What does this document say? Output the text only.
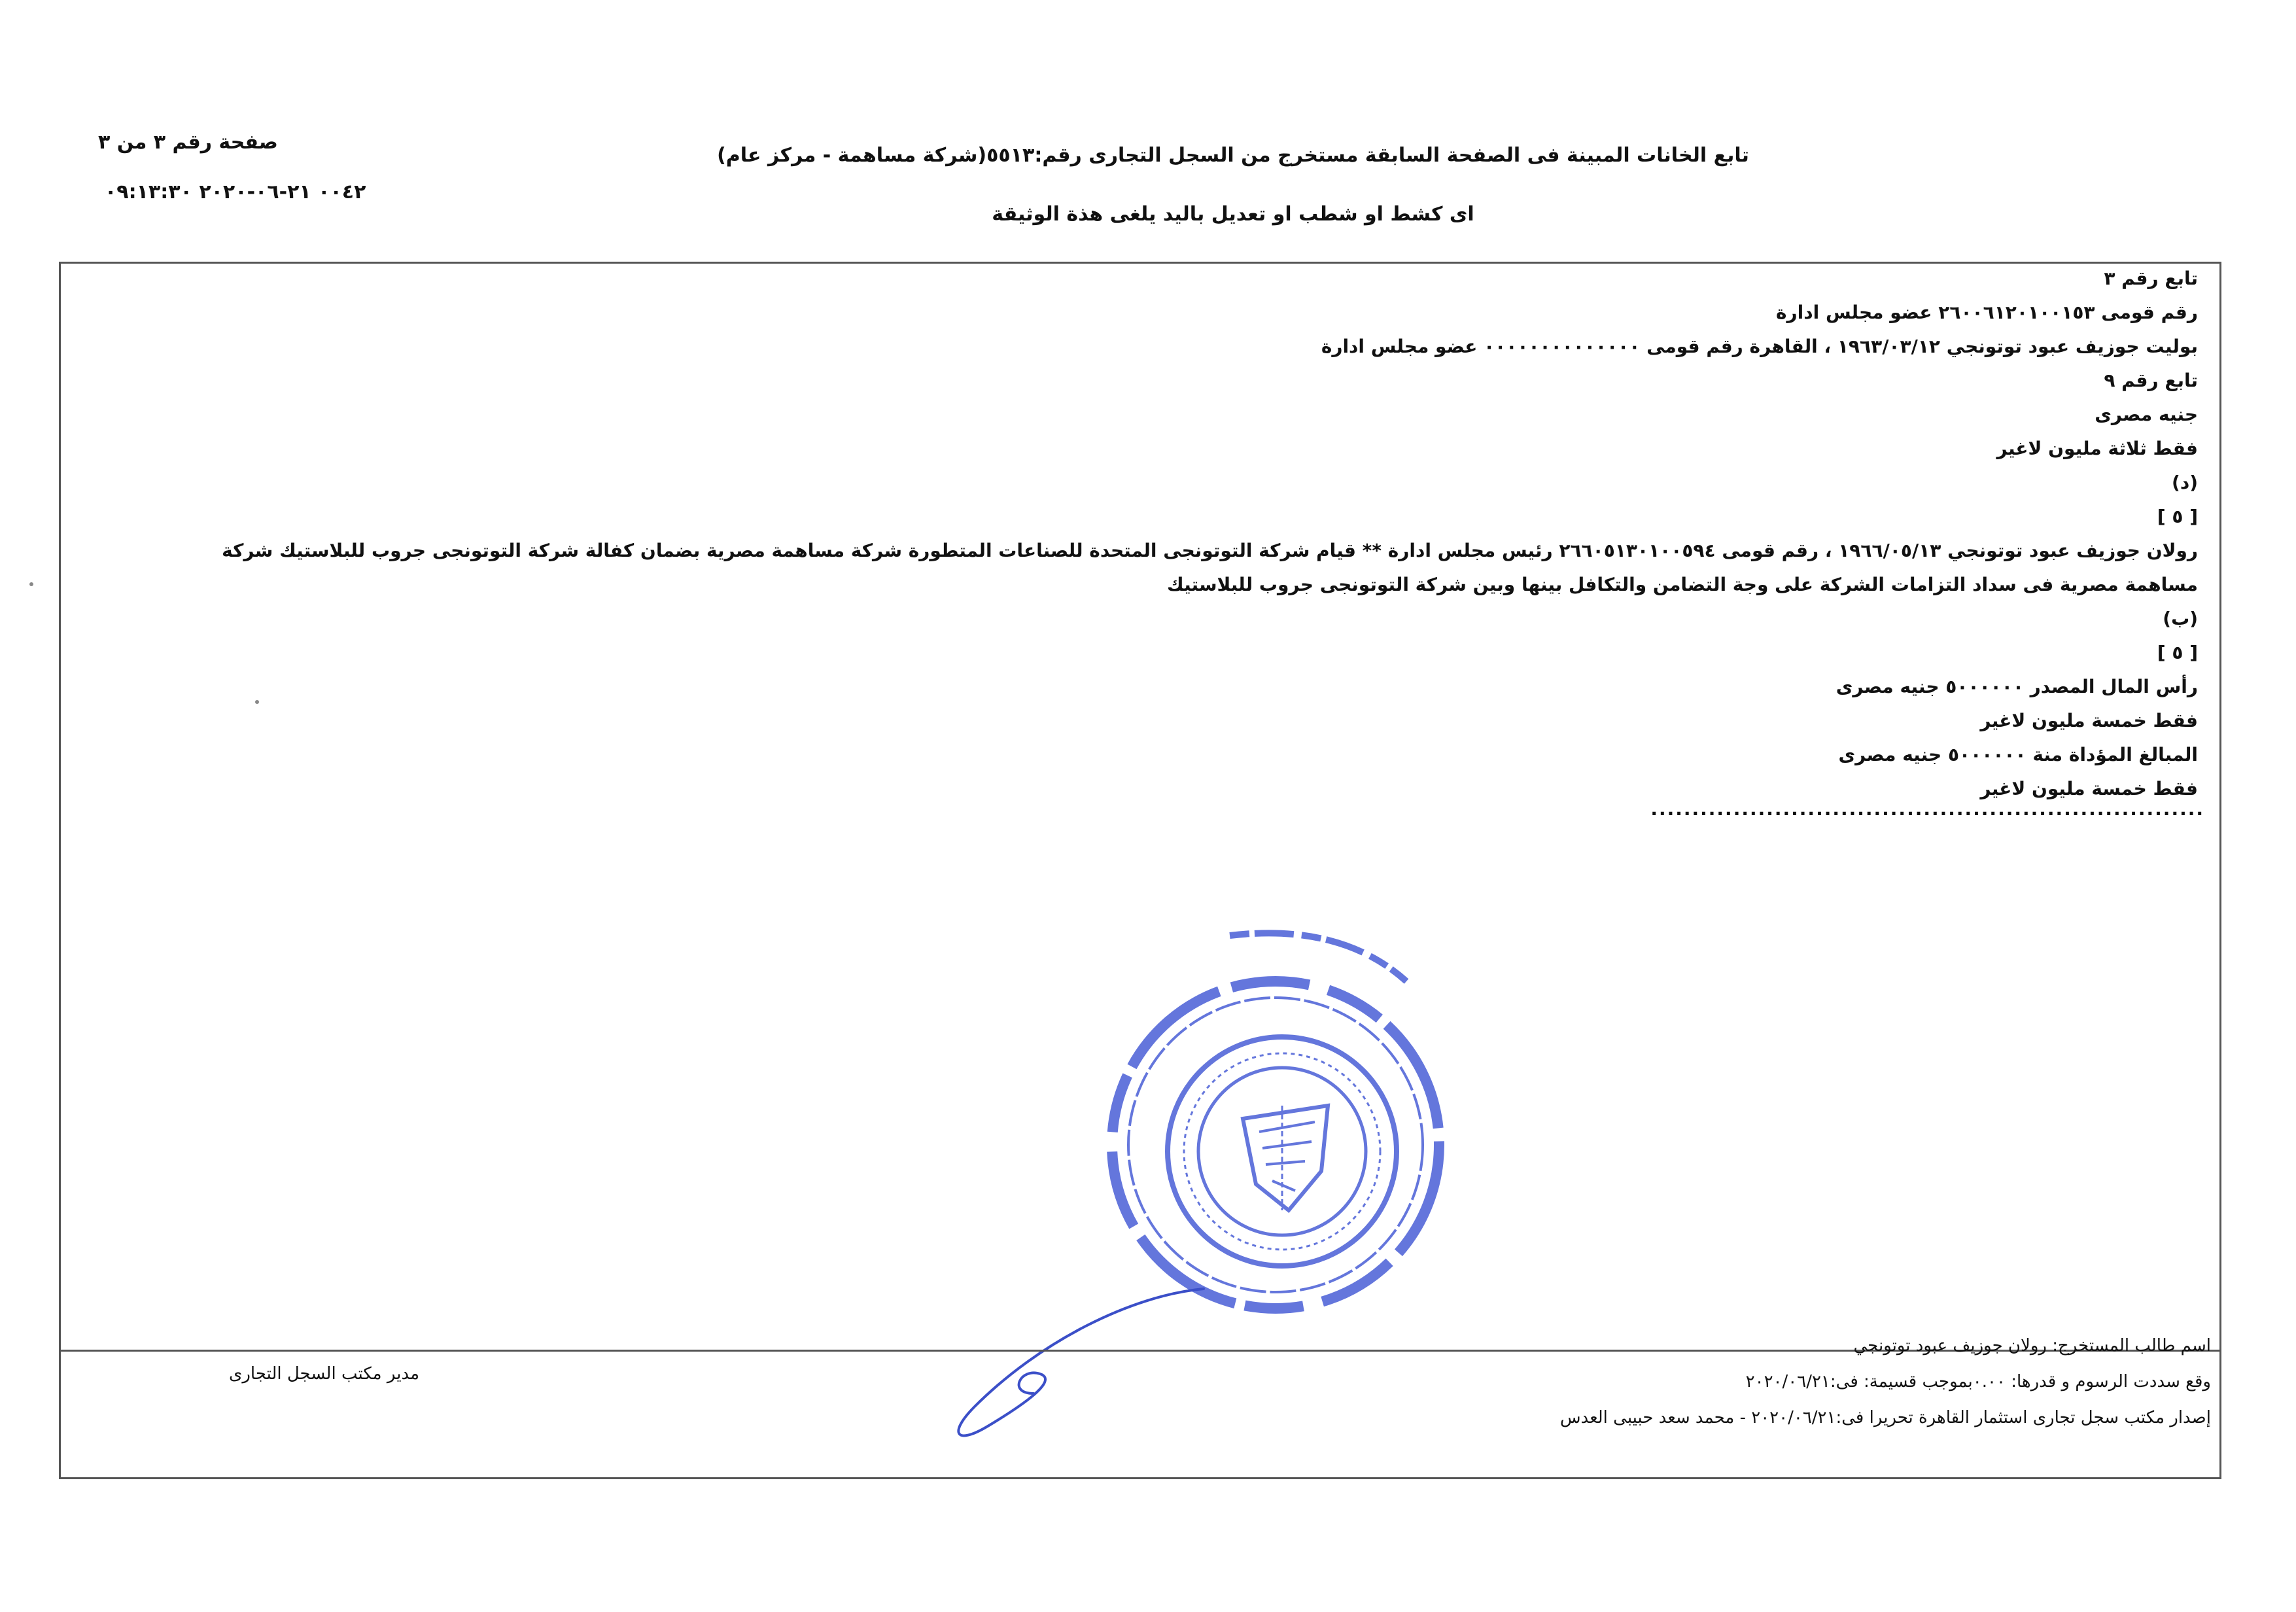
صفحة رقم ٣ من ٣
٠٠٤٢ ٢١-٠٦-٢٠٢٠ ٠٩:١٣:٣٠
تابع الخانات المبينة فى الصفحة السابقة مستخرج من السجل التجارى رقم:٥٥١٣(شركة مساهمة - مركز عام)
اى كشط او شطب او تعديل باليد يلغى هذة الوثيقة
تابع رقم ٣
رقم قومى ٢٦٠٠٦١٢٠١٠٠١٥٣ عضو مجلس ادارة
بوليت جوزيف عبود توتونجي ١٩٦٣/٠٣/١٢ ، القاهرة رقم قومى ٠٠٠٠٠٠٠٠٠٠٠٠٠٠ عضو مجلس ادارة
تابع رقم ٩
جنيه مصرى
فقط ثلاثة مليون لاغير
(د)
[ ٥ ]
رولان جوزيف عبود توتونجي ١٩٦٦/٠٥/١٣ ، رقم قومى ٢٦٦٠٥١٣٠١٠٠٥٩٤ رئيس مجلس ادارة ** قيام شركة التوتونجى المتحدة للصناعات المتطورة شركة مساهمة مصرية بضمان كفالة شركة التوتونجى جروب للبلاستيك شركة
مساهمة مصرية فى سداد التزامات الشركة على وجة التضامن والتكافل بينها وبين شركة التوتونجى جروب للبلاستيك
(ب)
[ ٥ ]
رأس المال المصدر ٥٠٠٠٠٠٠ جنيه مصرى
فقط خمسة مليون لاغير
المبالغ المؤداة منة ٥٠٠٠٠٠٠ جنيه مصرى
فقط خمسة مليون لاغير
...................................................................
مدير مكتب السجل التجارى
اسم طالب المستخرج: رولان جوزيف عبود توتونجي
وقع سددت الرسوم و قدرها: ٠.٠٠بموجب قسيمة: فى:٢٠٢٠/٠٦/٢١
إصدار مكتب سجل تجارى استثمار القاهرة تحريرا فى:٢٠٢٠/٠٦/٢١ - محمد سعد حبيبى العدس
